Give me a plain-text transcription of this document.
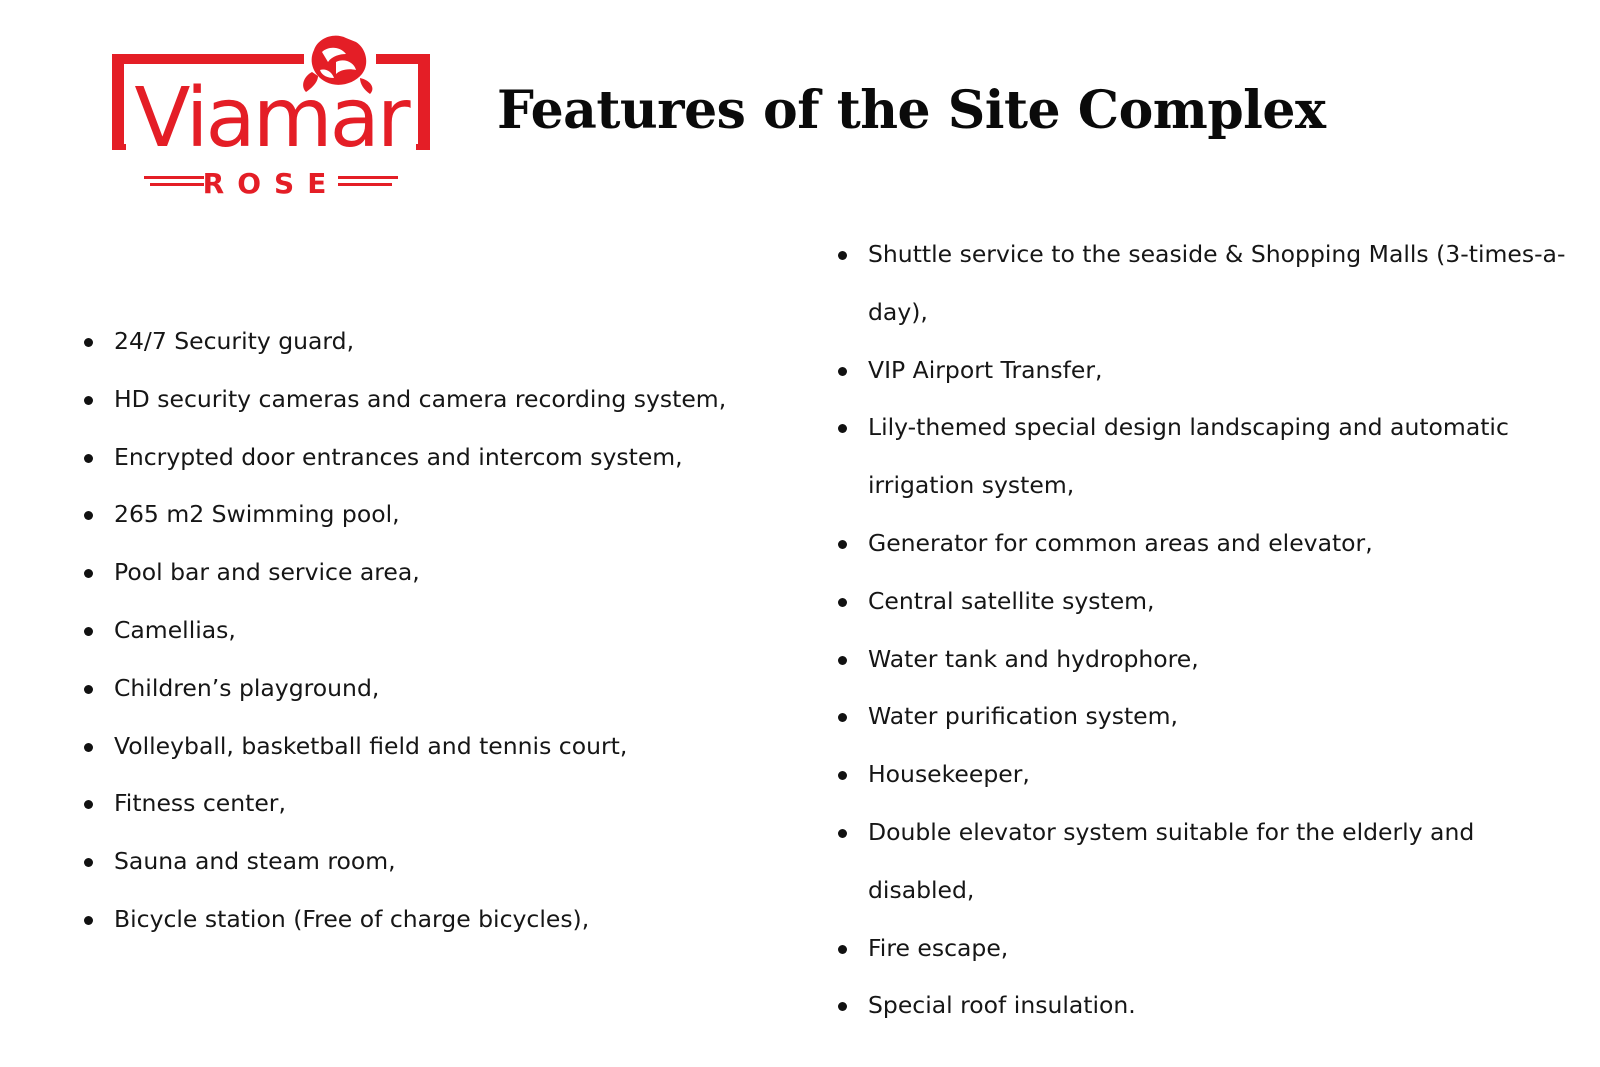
Viamar
ROSE
Features of the Site Complex
24/7 Security guard,
HD security cameras and camera recording system,
Encrypted door entrances and intercom system,
265 m2 Swimming pool,
Pool bar and service area,
Camellias,
Children’s playground,
Volleyball, basketball field and tennis court,
Fitness center,
Sauna and steam room,
Bicycle station (Free of charge bicycles),
Shuttle service to the seaside & Shopping Malls (3-times-a-day),
VIP Airport Transfer,
Lily-themed special design landscaping and automatic irrigation system,
Generator for common areas and elevator,
Central satellite system,
Water tank and hydrophore,
Water purification system,
Housekeeper,
Double elevator system suitable for the elderly and disabled,
Fire escape,
Special roof insulation.
